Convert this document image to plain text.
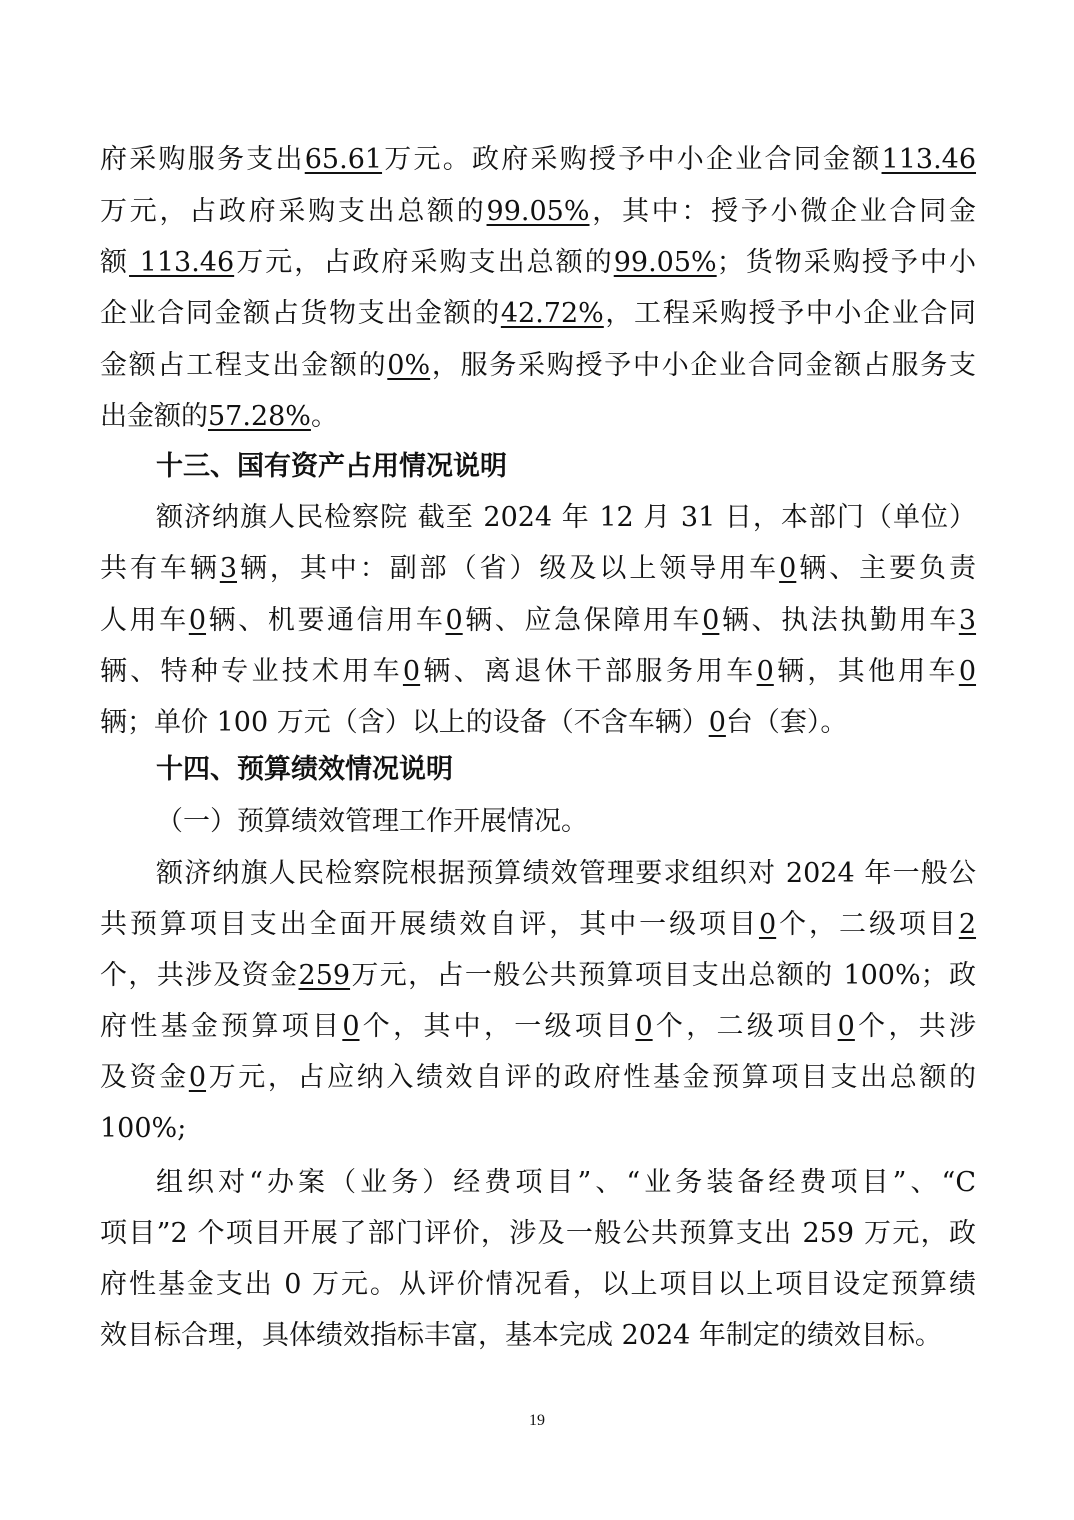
府采购服务支出65.61万元。政府采购授予中小企业合同金额113.46
万元，占政府采购支出总额的99.05%，其中：授予小微企业合同金
额 113.46万元，占政府采购支出总额的99.05%；货物采购授予中小
企业合同金额占货物支出金额的42.72%，工程采购授予中小企业合同
金额占工程支出金额的0%，服务采购授予中小企业合同金额占服务支
出金额的57.28%。
十三、国有资产占用情况说明
额济纳旗人民检察院 截至 2024 年 12 月 31 日，本部门（单位）
共有车辆3辆，其中：副部（省）级及以上领导用车0辆、主要负责
人用车0辆、机要通信用车0辆、应急保障用车0辆、执法执勤用车3
辆、特种专业技术用车0辆、离退休干部服务用车0辆，其他用车0
辆；单价 100 万元（含）以上的设备（不含车辆）0台（套）。
十四、预算绩效情况说明
（一）预算绩效管理工作开展情况。
额济纳旗人民检察院根据预算绩效管理要求组织对 2024 年一般公
共预算项目支出全面开展绩效自评，其中一级项目0个，二级项目2
个，共涉及资金259万元，占一般公共预算项目支出总额的 100%；政
府性基金预算项目0个，其中，一级项目0个，二级项目0个，共涉
及资金0万元，占应纳入绩效自评的政府性基金预算项目支出总额的
100%;
组织对“办案（业务）经费项目”、“业务装备经费项目”、“C
项目”2 个项目开展了部门评价，涉及一般公共预算支出 259 万元，政
府性基金支出 0 万元。从评价情况看，以上项目以上项目设定预算绩
效目标合理，具体绩效指标丰富，基本完成 2024 年制定的绩效目标。
19
